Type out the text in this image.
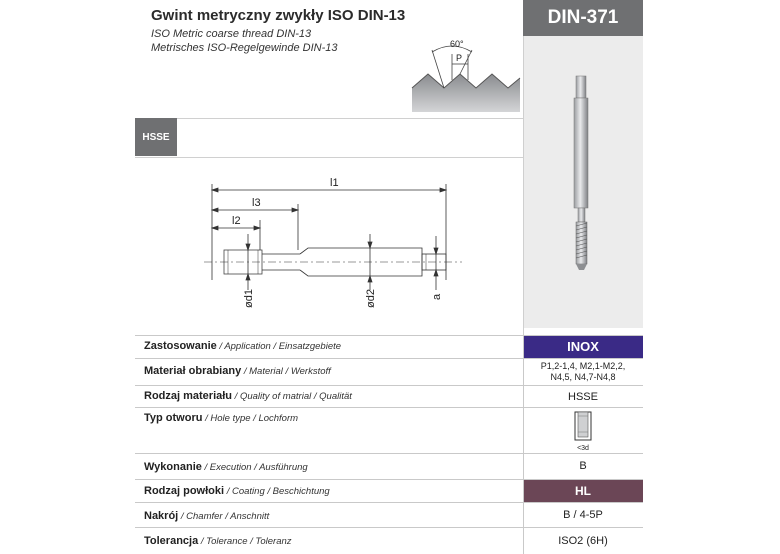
Gwint metryczny zwykły ISO DIN-13
ISO Metric coarse thread DIN-13
Metrisches ISO-Regelgewinde DIN-13	60°
P
DIN-371
HSSE
l1
l3
l2
ød1	ød2	a
Zastosowanie / Application / Einsatzgebiete	INOX
Materiał obrabiany / Material / Werkstoff	P1,2-1,4, M2,1-M2,2,
N4,5, N4,7-N4,8
Rodzaj materiału / Quality of matrial / Qualität	HSSE
Typ otworu / Hole type / Lochform
<3d
Wykonanie / Execution / Ausführung	B
Rodzaj powłoki / Coating / Beschichtung	HL
Nakrój / Chamfer / Anschnitt	B / 4-5P
Tolerancja / Tolerance / Toleranz	ISO2 (6H)
